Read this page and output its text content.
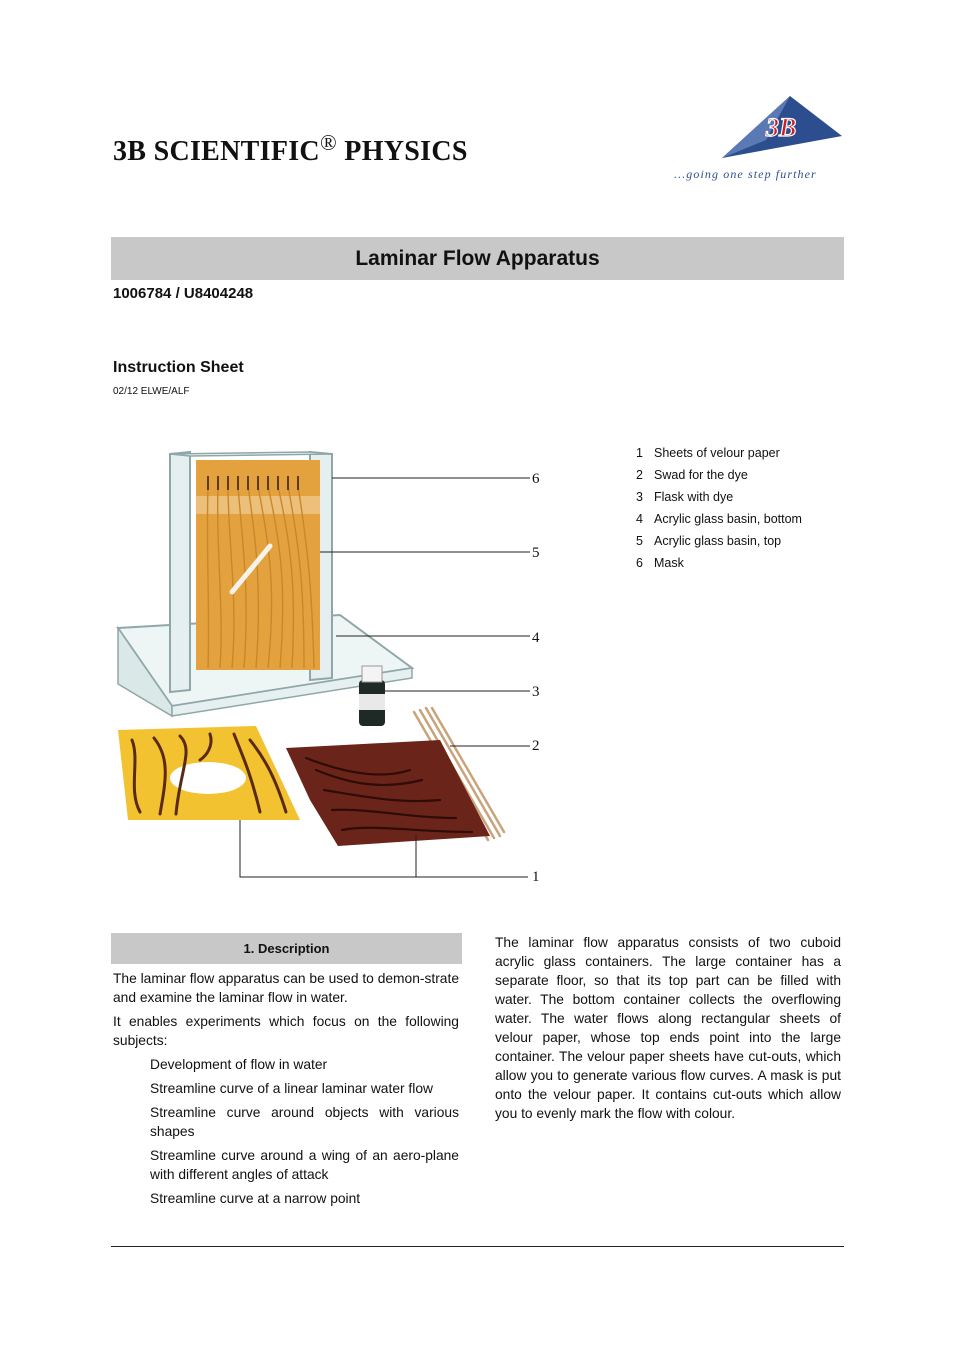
3B SCIENTIFIC® PHYSICS
3B ®
...going one step further
Laminar Flow Apparatus
1006784 / U8404248
Instruction Sheet
02/12 ELWE/ALF
6
5
4
3
2
1
1 Sheets of velour paper
2 Swad for the dye
3 Flask with dye
4 Acrylic glass basin, bottom
5 Acrylic glass basin, top
6 Mask
1. Description

The laminar flow apparatus can be used to demon-strate and examine the laminar flow in water.

It enables experiments which focus on the following subjects:

Development of flow in water
Streamline curve of a linear laminar water flow
Streamline curve around objects with various shapes
Streamline curve around a wing of an aero-plane with different angles of attack
Streamline curve at a narrow point

The laminar flow apparatus consists of two cuboid acrylic glass containers. The large container has a separate floor, so that its top part can be filled with water. The bottom container collects the overflowing water. The water flows along rectangular sheets of velour paper, whose top ends point into the large container. The velour paper sheets have cut-outs, which allow you to generate various flow curves. A mask is put onto the velour paper. It contains cut-outs which allow you to evenly mark the flow with colour.
